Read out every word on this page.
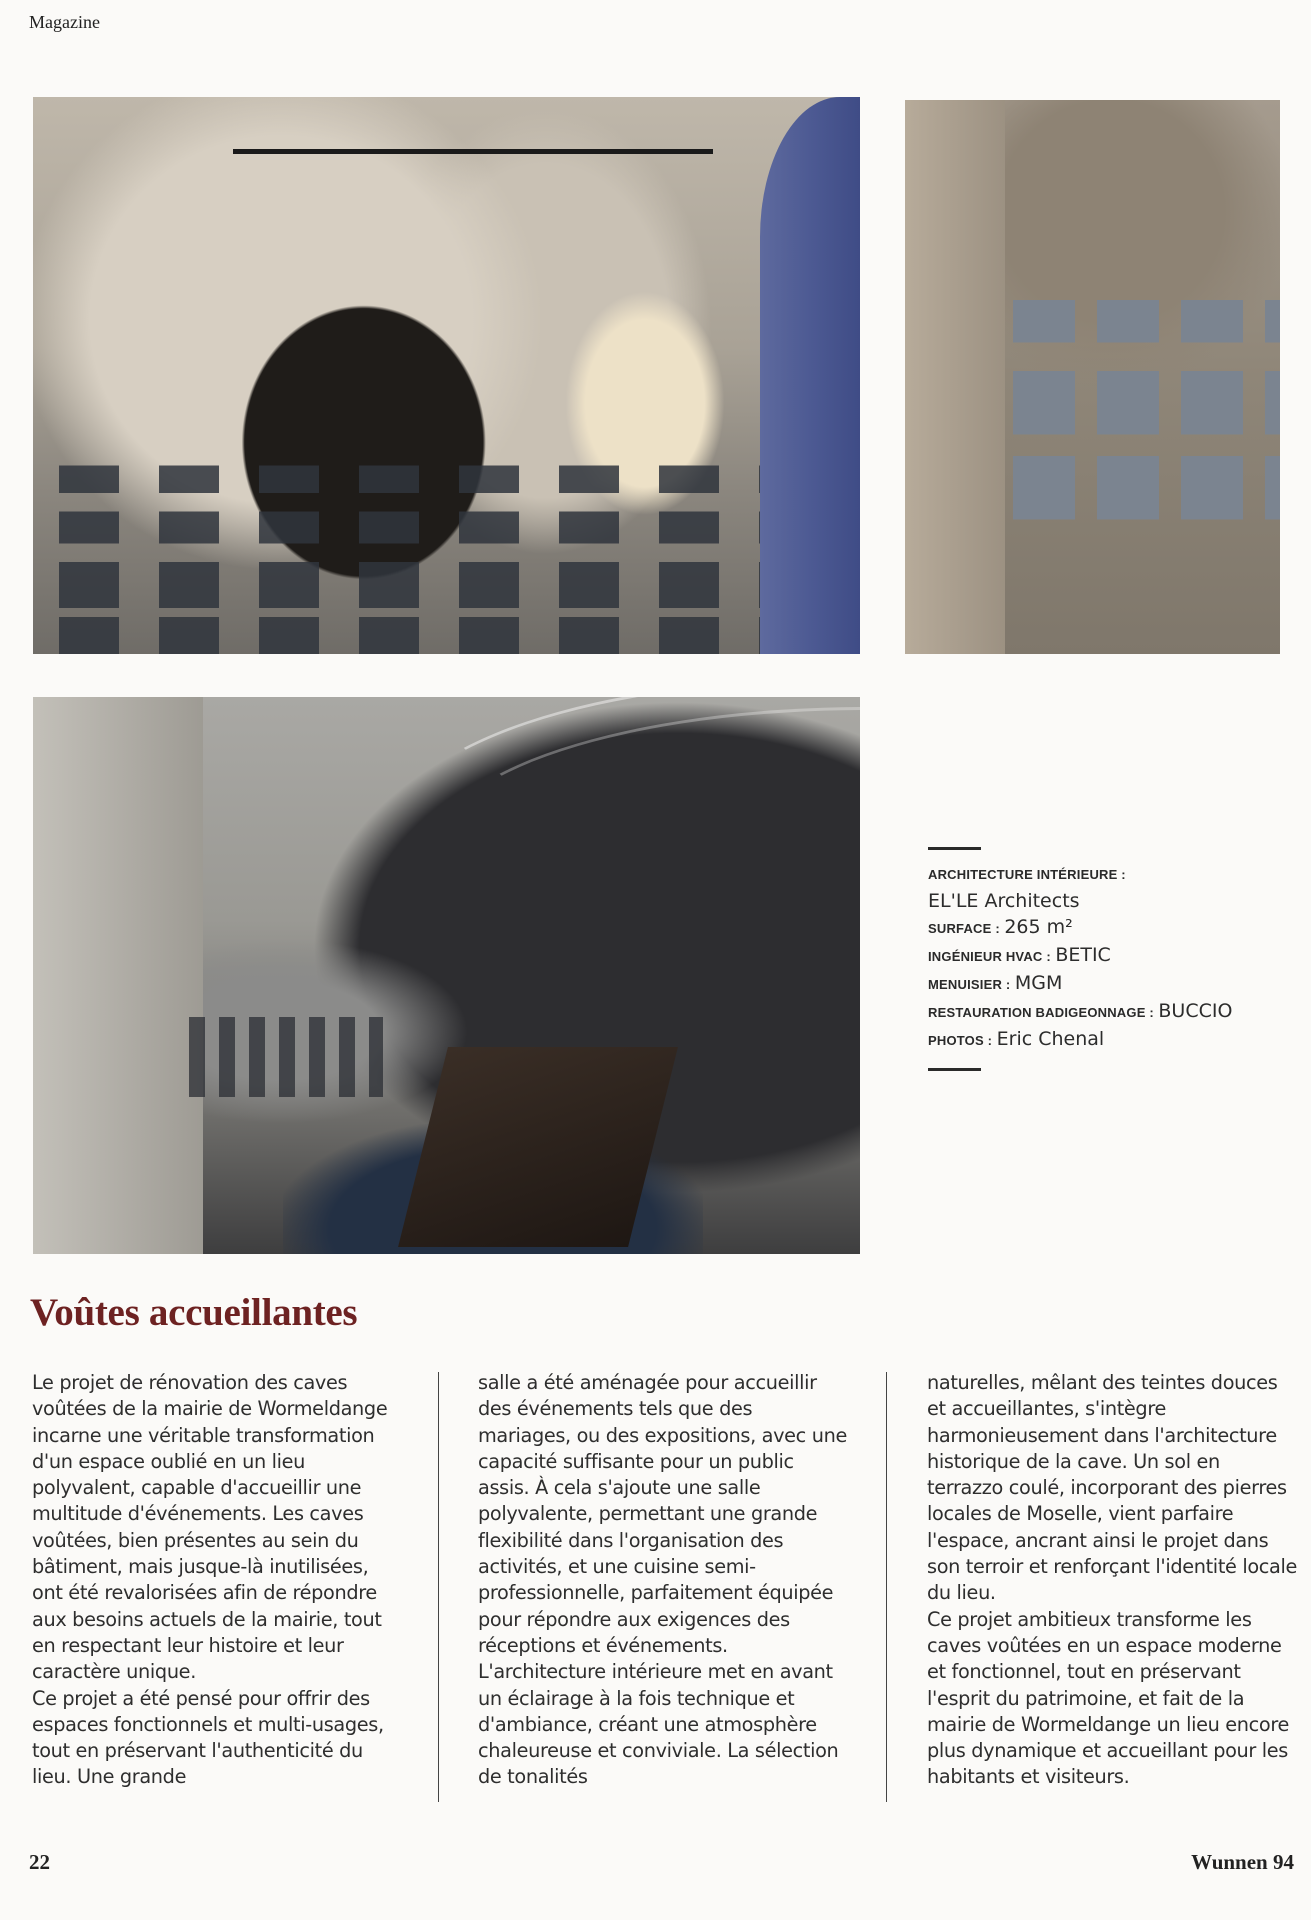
Magazine
ARCHITECTURE INTÉRIEURE :
EL'LE Architects
SURFACE : 265 m²
INGÉNIEUR HVAC : BETIC
MENUISIER : MGM
RESTAURATION BADIGEONNAGE : BUCCIO
PHOTOS : Eric Chenal
Voûtes accueillantes

Le projet de rénovation des caves voûtées de la mairie de Wormeldange incarne une véritable transformation d'un espace oublié en un lieu polyvalent, capable d'accueillir une multitude d'événements. Les caves voûtées, bien présentes au sein du bâtiment, mais jusque-là inutilisées, ont été revalorisées afin de répondre aux besoins actuels de la mairie, tout en respectant leur histoire et leur caractère unique.

Ce projet a été pensé pour offrir des espaces fonctionnels et multi-usages, tout en préservant l'authenticité du lieu. Une grande

salle a été aménagée pour accueillir des événements tels que des mariages, ou des expositions, avec une capacité suffisante pour un public assis. À cela s'ajoute une salle polyvalente, permettant une grande flexibilité dans l'organisation des activités, et une cuisine semi-professionnelle, parfaitement équipée pour répondre aux exigences des réceptions et événements.

L'architecture intérieure met en avant un éclairage à la fois technique et d'ambiance, créant une atmosphère chaleureuse et conviviale. La sélection de tonalités

naturelles, mêlant des teintes douces et accueillantes, s'intègre harmonieusement dans l'architecture historique de la cave. Un sol en terrazzo coulé, incorporant des pierres locales de Moselle, vient parfaire l'espace, ancrant ainsi le projet dans son terroir et renforçant l'identité locale du lieu.

Ce projet ambitieux transforme les caves voûtées en un espace moderne et fonctionnel, tout en préservant l'esprit du patrimoine, et fait de la mairie de Wormeldange un lieu encore plus dynamique et accueillant pour les habitants et visiteurs.

22	Wunnen 94
